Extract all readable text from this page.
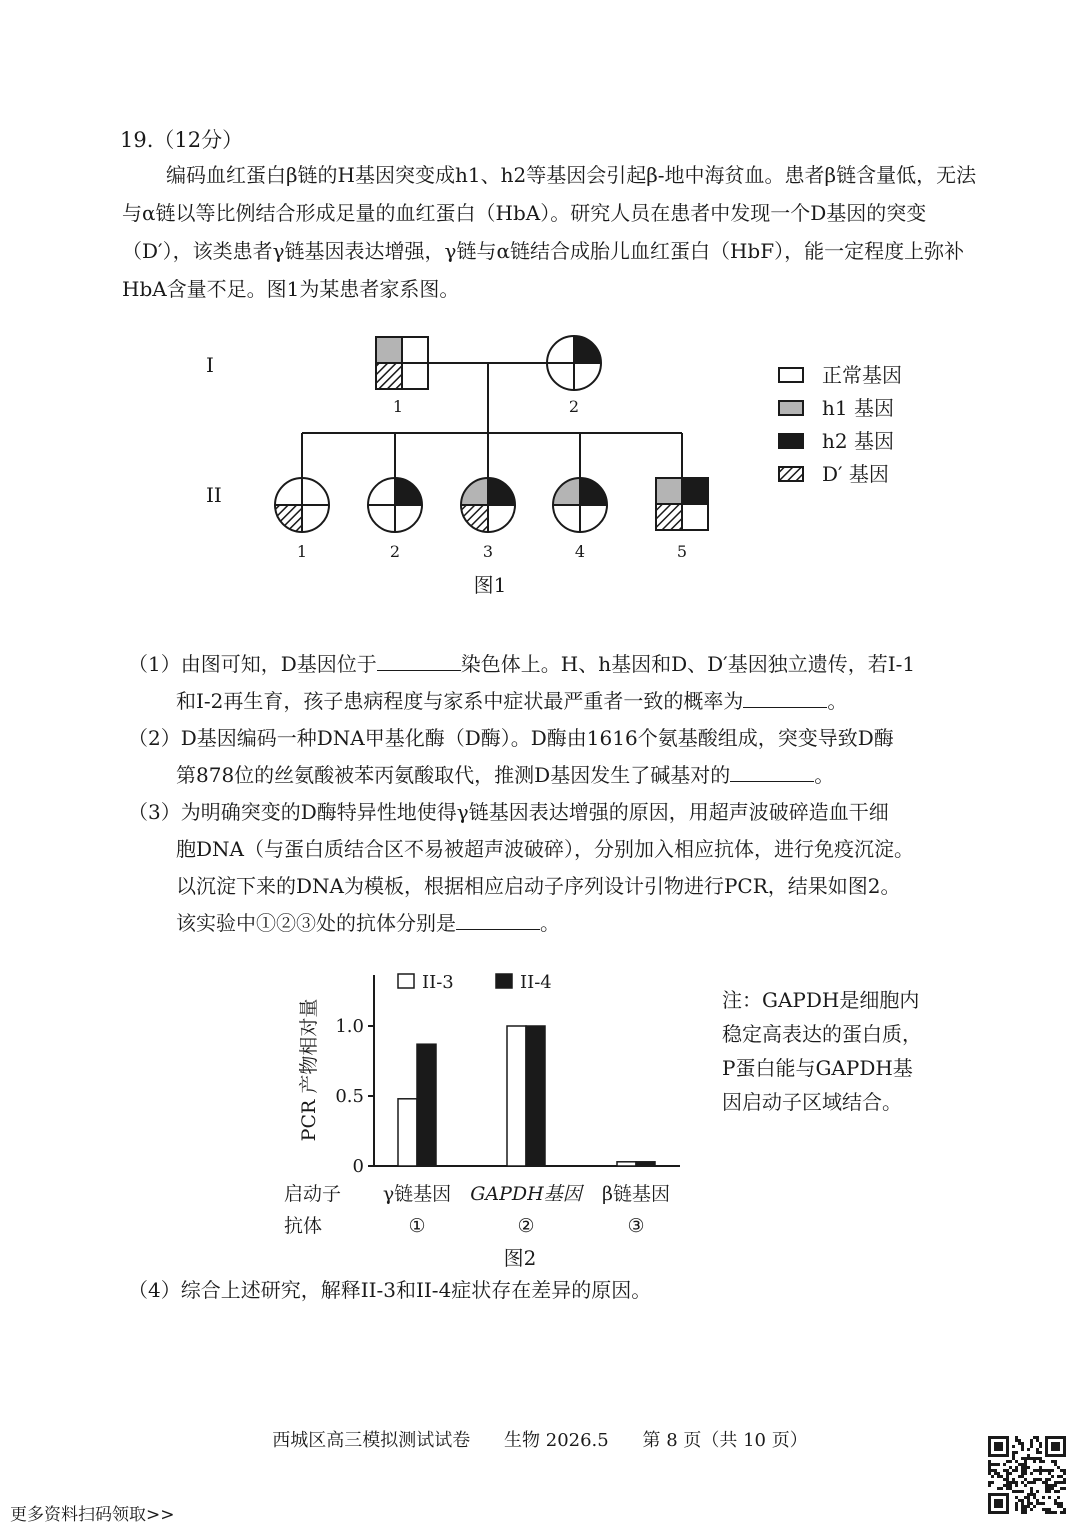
19.（12分）

编码血红蛋白β链的H基因突变成h1、h2等基因会引起β-地中海贫血。患者β链含量低，无法与α链以等比例结合形成足量的血红蛋白（HbA）。研究人员在患者中发现一个D基因的突变（D′），该类患者γ链基因表达增强，γ链与α链结合成胎儿血红蛋白（HbF），能一定程度上弥补HbA含量不足。图1为某患者家系图。

I
II
1	2
1	2	3	4	5
图1
正常基因
h1 基因
h2 基因
D′ 基因
（1）由图可知，D基因位于	染色体上。H、h基因和D、D′基因独立遗传，若I-1
和I-2再生育，孩子患病程度与家系中症状最严重者一致的概率为	。
（2）D基因编码一种DNA甲基化酶（D酶）。D酶由1616个氨基酸组成，突变导致D酶
第878位的丝氨酸被苯丙氨酸取代，推测D基因发生了碱基对的	。
（3）为明确突变的D酶特异性地使得γ链基因表达增强的原因，用超声波破碎造血干细
胞DNA（与蛋白质结合区不易被超声波破碎），分别加入相应抗体，进行免疫沉淀。
以沉淀下来的DNA为模板，根据相应启动子序列设计引物进行PCR，结果如图2。
该实验中①②③处的抗体分别是	。
PCR 产物相对量
0
0.5
1.0
II-3	II-4
启动子
抗体
γ链基因
①
GAPDH基因
②
β链基因
③
图2
注：GAPDH是细胞内
稳定高表达的蛋白质，
P蛋白能与GAPDH基
因启动子区域结合。
（4）综合上述研究，解释II-3和II-4症状存在差异的原因。
西城区高三模拟测试试卷 生物 2026.5 第 8 页（共 10 页）
更多资料扫码领取>>
